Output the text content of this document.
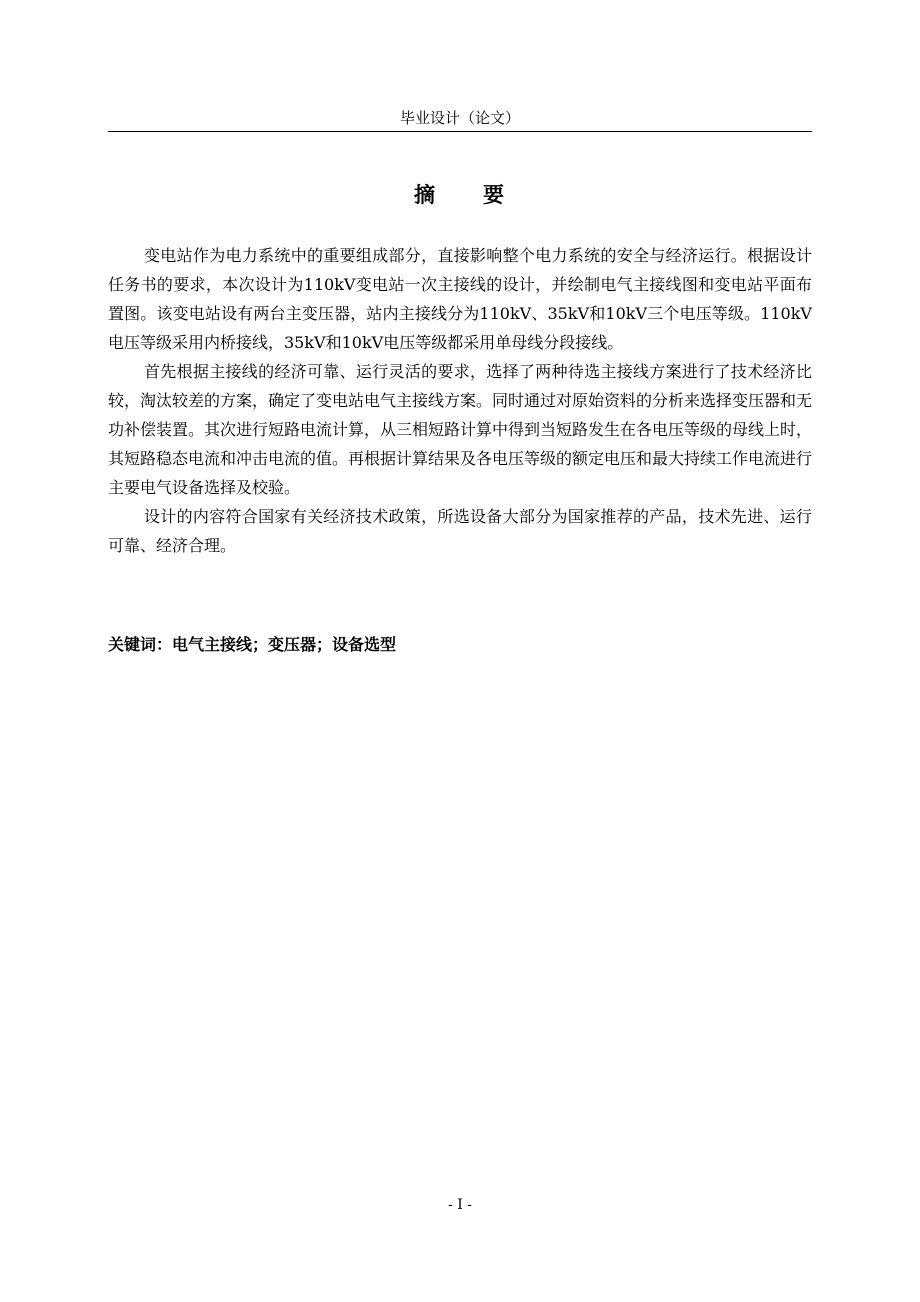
毕业设计（论文）
摘　　要

变电站作为电力系统中的重要组成部分，直接影响整个电力系统的安全与经济运行。根据设计任务书的要求，本次设计为110kV变电站一次主接线的设计，并绘制电气主接线图和变电站平面布置图。该变电站设有两台主变压器，站内主接线分为110kV、35kV和10kV三个电压等级。110kV电压等级采用内桥接线，35kV和10kV电压等级都采用单母线分段接线。

首先根据主接线的经济可靠、运行灵活的要求，选择了两种待选主接线方案进行了技术经济比较，淘汰较差的方案，确定了变电站电气主接线方案。同时通过对原始资料的分析来选择变压器和无功补偿装置。其次进行短路电流计算，从三相短路计算中得到当短路发生在各电压等级的母线上时，其短路稳态电流和冲击电流的值。再根据计算结果及各电压等级的额定电压和最大持续工作电流进行主要电气设备选择及校验。

设计的内容符合国家有关经济技术政策，所选设备大部分为国家推荐的产品，技术先进、运行可靠、经济合理。

关键词：电气主接线；变压器；设备选型
- I -
